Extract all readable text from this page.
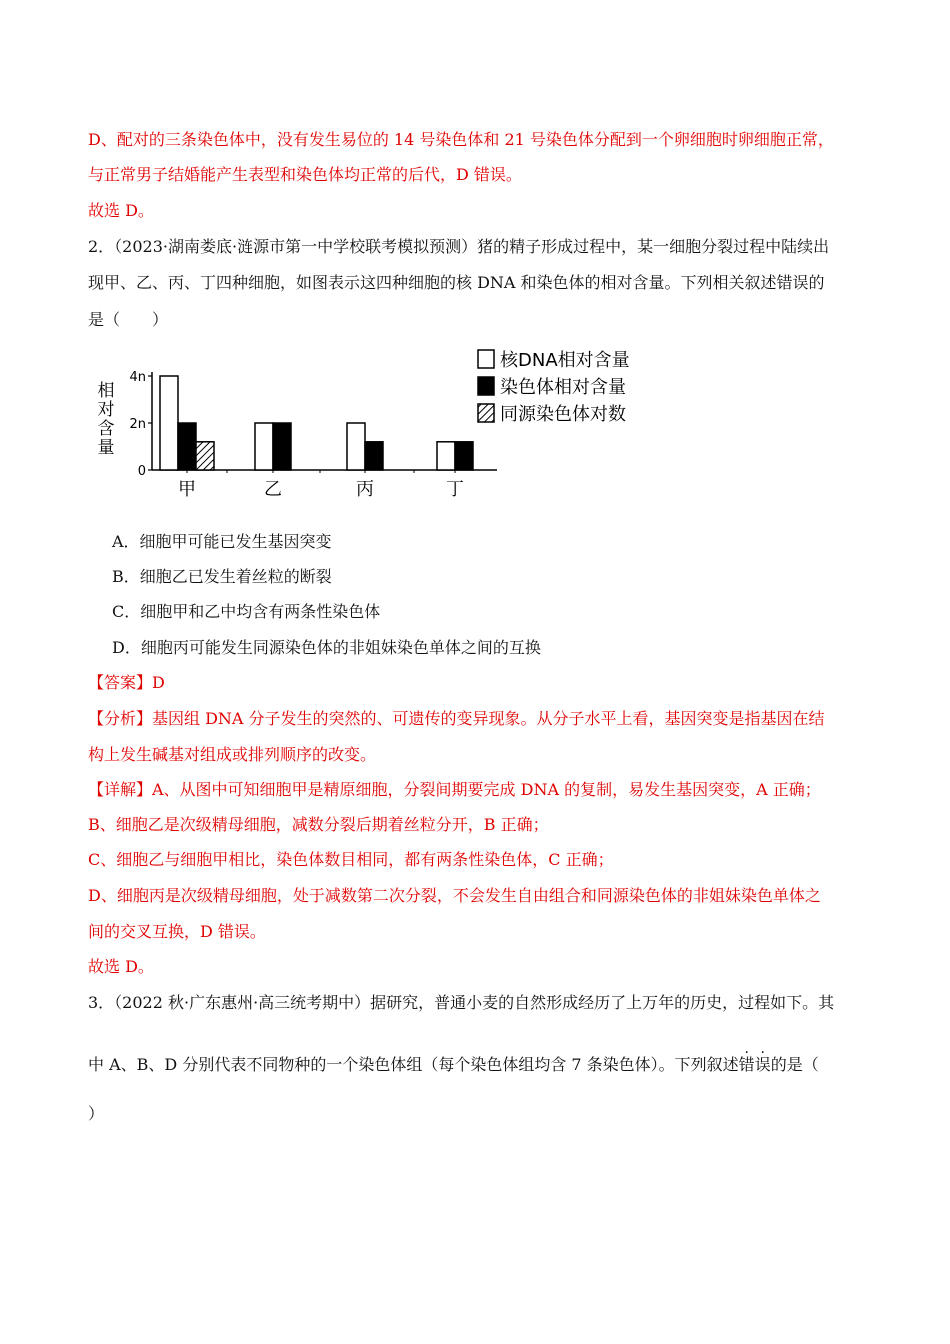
D、配对的三条染色体中，没有发生易位的 14 号染色体和 21 号染色体分配到一个卵细胞时卵细胞正常，
与正常男子结婚能产生表型和染色体均正常的后代，D 错误。
故选 D。
2．（2023·湖南娄底·涟源市第一中学校联考模拟预测）猪的精子形成过程中，某一细胞分裂过程中陆续出
现甲、乙、丙、丁四种细胞，如图表示这四种细胞的核 DNA 和染色体的相对含量。下列相关叙述错误的
是（　　）
相
对
含
量
0
2n
4n
甲	乙	丙	丁
核DNA相对含量
染色体相对含量
同源染色体对数
A．细胞甲可能已发生基因突变
B．细胞乙已发生着丝粒的断裂
C．细胞甲和乙中均含有两条性染色体
D．细胞丙可能发生同源染色体的非姐妹染色单体之间的互换
【答案】D
【分析】基因组 DNA 分子发生的突然的、可遗传的变异现象。从分子水平上看，基因突变是指基因在结
构上发生碱基对组成或排列顺序的改变。
【详解】A、从图中可知细胞甲是精原细胞，分裂间期要完成 DNA 的复制，易发生基因突变，A 正确；
B、细胞乙是次级精母细胞，减数分裂后期着丝粒分开，B 正确；
C、细胞乙与细胞甲相比，染色体数目相同，都有两条性染色体，C 正确；
D、细胞丙是次级精母细胞，处于减数第二次分裂，不会发生自由组合和同源染色体的非姐妹染色单体之
间的交叉互换，D 错误。
故选 D。
3．（2022 秋·广东惠州·高三统考期中）据研究，普通小麦的自然形成经历了上万年的历史，过程如下。其
中 A、B、D 分别代表不同物种的一个染色体组（每个染色体组均含 7 条染色体）。下列叙述错误的是（
）
